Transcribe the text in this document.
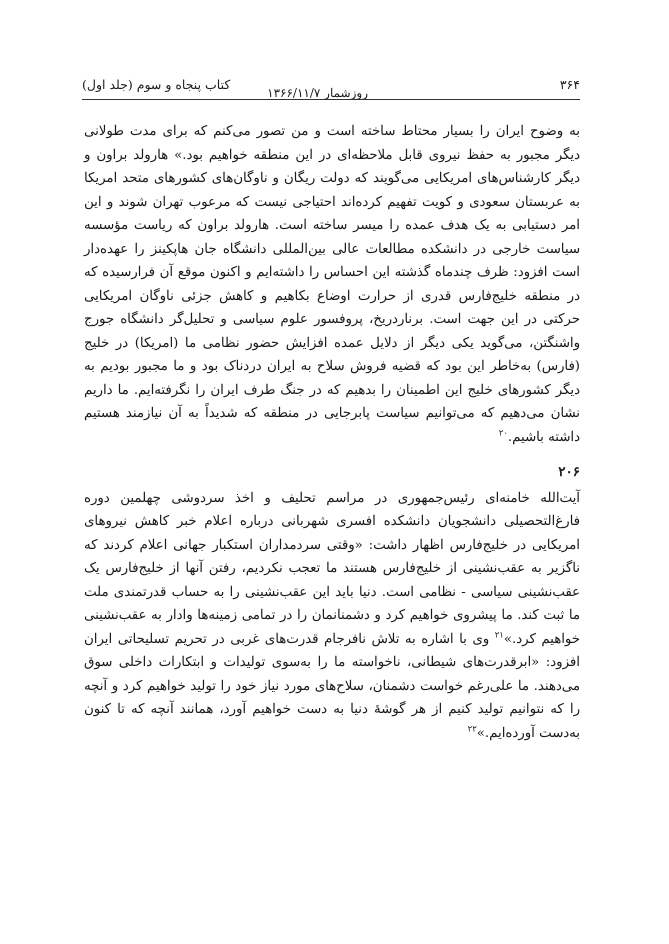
۳۶۴
روزشمار ۱۳۶۶/۱۱/۷
کتاب پنجاه و سوم (جلد اول)

به وضوح ایران را بسیار محتاط ساخته است و من تصور می‌کنم که برای مدت طولانی دیگر مجبور به حفظ نیروی قابل ملاحظه‌ای در این منطقه خواهیم بود.» هارولد براون و دیگر کارشناس‌های امریکایی می‌گویند که دولت ریگان و ناوگان‌های کشورهای متحد امریکا به عربستان سعودی و کویت تفهیم کرده‌اند احتیاجی نیست که مرعوب تهران شوند و این امر دستیابی به یک هدف عمده را میسر ساخته است. هارولد براون که ریاست مؤسسه سیاست خارجی در دانشکده مطالعات عالی بین‌المللی دانشگاه جان هاپکینز را عهده‌دار است افزود: ظرف چندماه گذشته این احساس را داشته‌ایم و اکنون موقع آن فرارسیده که در منطقه خلیج‌فارس قدری از حرارت اوضاع بکاهیم و کاهش جزئی ناوگان امریکایی حرکتی در این جهت است. برناردریخ، پروفسور علوم سیاسی و تحلیل‌گر دانشگاه جورج واشنگتن، می‌گوید یکی دیگر از دلایل عمده افزایش حضور نظامی ما (امریکا) در خلیج (فارس) به‌خاطر این بود که قضیه فروش سلاح به ایران دردناک بود و ما مجبور بودیم به دیگر کشورهای خلیج این اطمینان را بدهیم که در جنگ طرف ایران را نگرفته‌ایم. ما داریم نشان می‌دهیم که می‌توانیم سیاست پابرجایی در منطقه که شدیداً به آن نیازمند هستیم داشته باشیم.$^{۲۰}$

۲۰۶

آیت‌الله خامنه‌ای رئیس‌جمهوری در مراسم تحلیف و اخذ سردوشی چهلمین دوره فارغ‌التحصیلی دانشجویان دانشکده افسری شهربانی درباره اعلام خبر کاهش نیروهای امریکایی در خلیج‌فارس اظهار داشت: «وقتی سردمداران استکبار جهانی اعلام کردند که ناگزیر به عقب‌نشینی از خلیج‌فارس هستند ما تعجب نکردیم، رفتن آنها از خلیج‌فارس یک عقب‌نشینی سیاسی - نظامی است. دنیا باید این عقب‌نشینی را به حساب قدرتمندی ملت ما ثبت کند. ما پیشروی خواهیم کرد و دشمنانمان را در تمامی زمینه‌ها وادار به عقب‌نشینی خواهیم کرد.»$^{۲۱}$ وی با اشاره به تلاش نافرجام قدرت‌های غربی در تحریم تسلیحاتی ایران افزود: «ابرقدرت‌های شیطانی، ناخواسته ما را به‌سوی تولیدات و ابتکارات داخلی سوق می‌دهند. ما علی‌رغم خواست دشمنان، سلاح‌های مورد نیاز خود را تولید خواهیم کرد و آنچه را که نتوانیم تولید کنیم از هر گوشهٔ دنیا به دست خواهیم آورد، همانند آنچه که تا کنون به‌دست آورده‌ایم.»$^{۲۲}$
